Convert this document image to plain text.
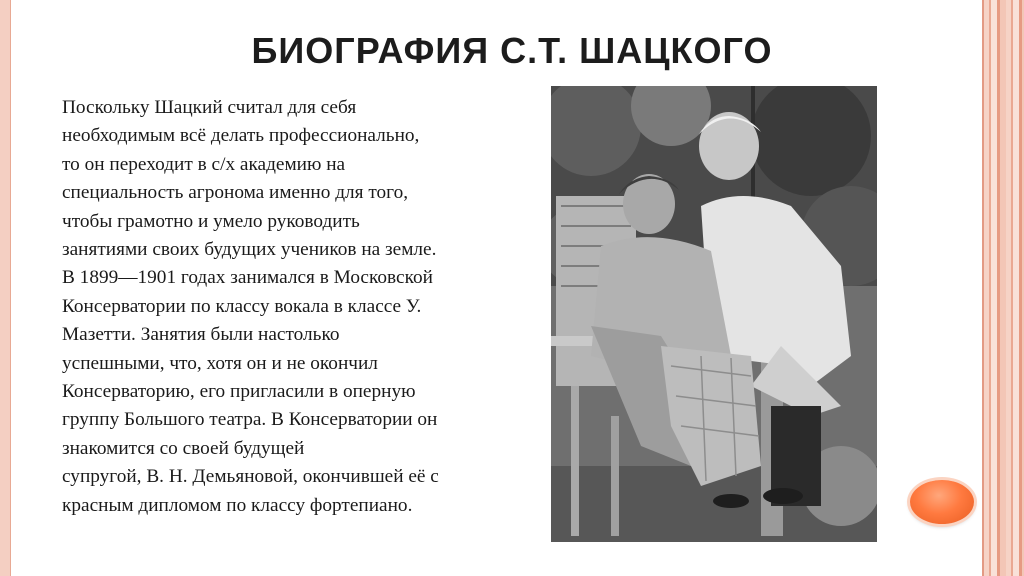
БИОГРАФИЯ С.Т. ШАЦКОГО
Поскольку Шацкий считал для себя
необходимым всё делать профессионально,
то он переходит в с/х академию на
специальность агронома именно для того,
чтобы грамотно и умело руководить
занятиями своих будущих учеников на земле.
В 1899—1901 годах занимался в Московской
Консерватории по классу вокала в классе У.
Мазетти. Занятия были настолько
успешными, что, хотя он и не окончил
Консерваторию, его пригласили в оперную
группу Большого театра. В Консерватории он
знакомится со своей будущей
супругой, В. Н. Демьяновой, окончившей её с
красным дипломом по классу фортепиано.
